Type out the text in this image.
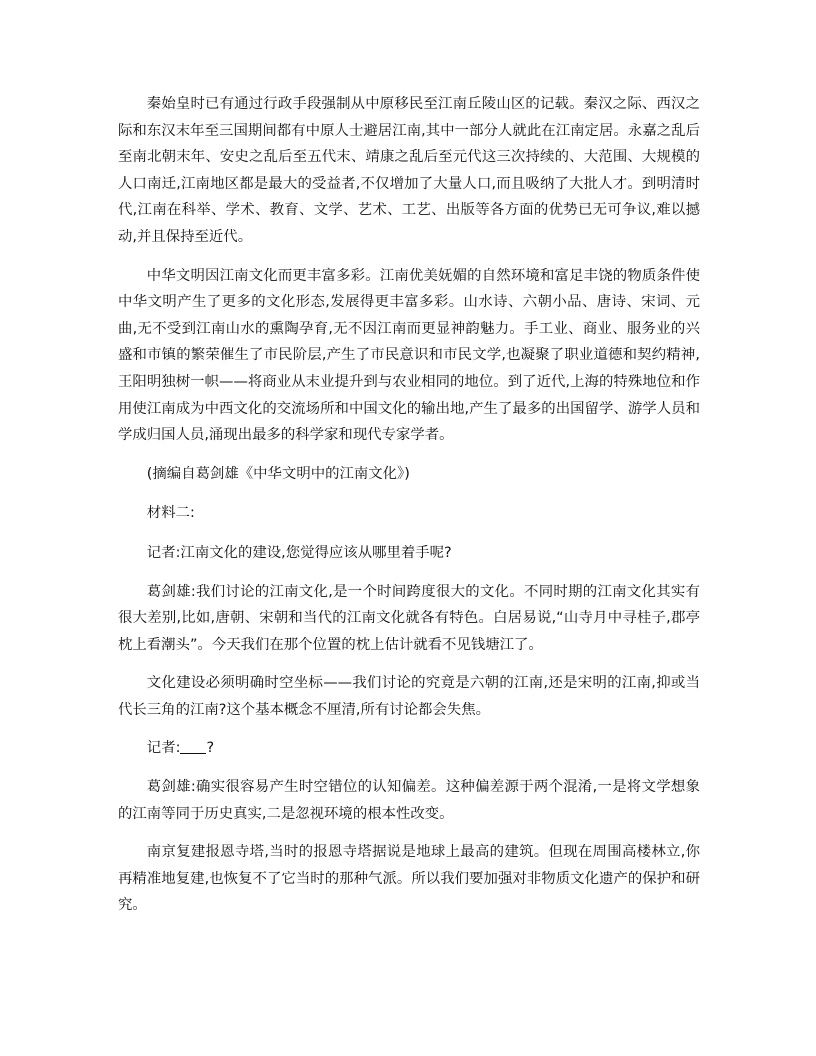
秦始皇时已有通过行政手段强制从中原移民至江南丘陵山区的记载。秦汉之际、西汉之际和东汉末年至三国期间都有中原人士避居江南,其中一部分人就此在江南定居。永嘉之乱后至南北朝末年、安史之乱后至五代末、靖康之乱后至元代这三次持续的、大范围、大规模的人口南迁,江南地区都是最大的受益者,不仅增加了大量人口,而且吸纳了大批人才。到明清时代,江南在科举、学术、教育、文学、艺术、工艺、出版等各方面的优势已无可争议,难以撼动,并且保持至近代。

中华文明因江南文化而更丰富多彩。江南优美妩媚的自然环境和富足丰饶的物质条件使中华文明产生了更多的文化形态,发展得更丰富多彩。山水诗、六朝小品、唐诗、宋词、元曲,无不受到江南山水的熏陶孕育,无不因江南而更显神韵魅力。手工业、商业、服务业的兴盛和市镇的繁荣催生了市民阶层,产生了市民意识和市民文学,也凝聚了职业道德和契约精神,王阳明独树一帜——将商业从末业提升到与农业相同的地位。到了近代,上海的特殊地位和作用使江南成为中西文化的交流场所和中国文化的输出地,产生了最多的出国留学、游学人员和学成归国人员,涌现出最多的科学家和现代专家学者。

(摘编自葛剑雄《中华文明中的江南文化》)

材料二:

记者:江南文化的建设,您觉得应该从哪里着手呢?

葛剑雄:我们讨论的江南文化,是一个时间跨度很大的文化。不同时期的江南文化其实有很大差别,比如,唐朝、宋朝和当代的江南文化就各有特色。白居易说,“山寺月中寻桂子,郡亭枕上看潮头”。今天我们在那个位置的枕上估计就看不见钱塘江了。

文化建设必须明确时空坐标——我们讨论的究竟是六朝的江南,还是宋明的江南,抑或当代长三角的江南?这个基本概念不厘清,所有讨论都会失焦。

记者: ?

葛剑雄:确实很容易产生时空错位的认知偏差。这种偏差源于两个混淆,一是将文学想象的江南等同于历史真实,二是忽视环境的根本性改变。

南京复建报恩寺塔,当时的报恩寺塔据说是地球上最高的建筑。但现在周围高楼林立,你再精准地复建,也恢复不了它当时的那种气派。所以我们要加强对非物质文化遗产的保护和研究。
